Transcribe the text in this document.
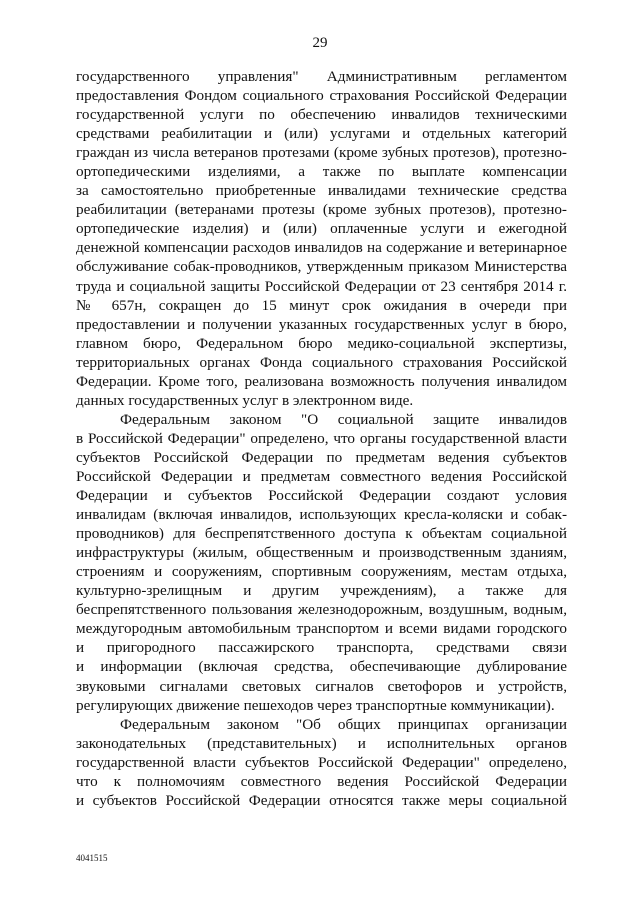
29
государственного управления" Административным регламентом
предоставления Фондом социального страхования Российской Федерации
государственной услуги по обеспечению инвалидов техническими
средствами реабилитации и (или) услугами и отдельных категорий
граждан из числа ветеранов протезами (кроме зубных протезов), протезно-
ортопедическими изделиями, а также по выплате компенсации
за самостоятельно приобретенные инвалидами технические средства
реабилитации (ветеранами протезы (кроме зубных протезов), протезно-
ортопедические изделия) и (или) оплаченные услуги и ежегодной
денежной компенсации расходов инвалидов на содержание и ветеринарное
обслуживание собак-проводников, утвержденным приказом Министерства
труда и социальной защиты Российской Федерации от 23 сентября 2014 г.
№ 657н, сокращен до 15 минут срок ожидания в очереди при
предоставлении и получении указанных государственных услуг в бюро,
главном бюро, Федеральном бюро медико-социальной экспертизы,
территориальных органах Фонда социального страхования Российской
Федерации. Кроме того, реализована возможность получения инвалидом
данных государственных услуг в электронном виде.
Федеральным законом "О социальной защите инвалидов
в Российской Федерации" определено, что органы государственной власти
субъектов Российской Федерации по предметам ведения субъектов
Российской Федерации и предметам совместного ведения Российской
Федерации и субъектов Российской Федерации создают условия
инвалидам (включая инвалидов, использующих кресла-коляски и собак-
проводников) для беспрепятственного доступа к объектам социальной
инфраструктуры (жилым, общественным и производственным зданиям,
строениям и сооружениям, спортивным сооружениям, местам отдыха,
культурно-зрелищным и другим учреждениям), а также для
беспрепятственного пользования железнодорожным, воздушным, водным,
междугородным автомобильным транспортом и всеми видами городского
и пригородного пассажирского транспорта, средствами связи
и информации (включая средства, обеспечивающие дублирование
звуковыми сигналами световых сигналов светофоров и устройств,
регулирующих движение пешеходов через транспортные коммуникации).
Федеральным законом "Об общих принципах организации
законодательных (представительных) и исполнительных органов
государственной власти субъектов Российской Федерации" определено,
что к полномочиям совместного ведения Российской Федерации
и субъектов Российской Федерации относятся также меры социальной
4041515
